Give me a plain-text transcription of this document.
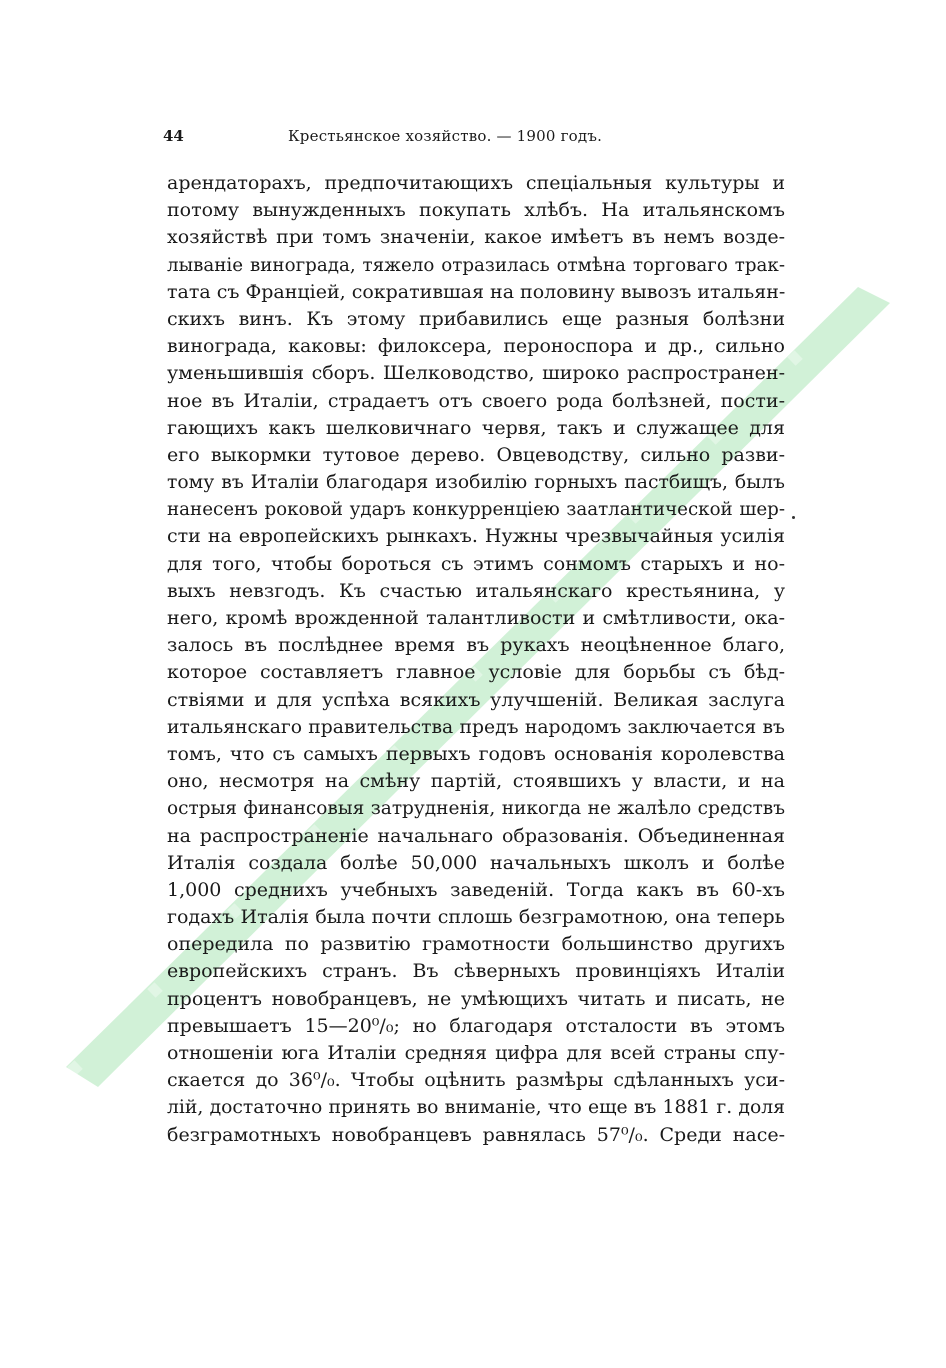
44	Крестьянское хозяйство. — 1900 годъ.
арендаторахъ, предпочитающихъ спеціальныя культуры и
потому вынужденныхъ покупать хлѣбъ. На итальянскомъ
хозяйствѣ при томъ значеніи, какое имѣетъ въ немъ возде-
лываніе винограда, тяжело отразилась отмѣна торговаго трак-
тата съ Франціей, сократившая на половину вывозъ итальян-
скихъ винъ. Къ этому прибавились еще разныя болѣзни
винограда, каковы: филоксера, пероноспора и др., сильно
уменьшившія сборъ. Шелководство, широко распространен-
ное въ Италіи, страдаетъ отъ своего рода болѣзней, пости-
гающихъ какъ шелковичнаго червя, такъ и служащее для
его выкормки тутовое дерево. Овцеводству, сильно разви-
тому въ Италіи благодаря изобилію горныхъ пастбищъ, былъ
нанесенъ роковой ударъ конкурренціею заатлантической шер-
сти на европейскихъ рынкахъ. Нужны чрезвычайныя усилія
для того, чтобы бороться съ этимъ сонмомъ старыхъ и но-
выхъ невзгодъ. Къ счастью итальянскаго крестьянина, у
него, кромѣ врожденной талантливости и смѣтливости, ока-
залось въ послѣднее время въ рукахъ неоцѣненное благо,
которое составляетъ главное условіе для борьбы съ бѣд-
ствіями и для успѣха всякихъ улучшеній. Великая заслуга
итальянскаго правительства предъ народомъ заключается въ
томъ, что съ самыхъ первыхъ годовъ основанія королевства
оно, несмотря на смѣну партій, стоявшихъ у власти, и на
острыя финансовыя затрудненія, никогда не жалѣло средствъ
на распространеніе начальнаго образованія. Объединенная
Италія создала болѣе 50,000 начальныхъ школъ и болѣе
1,000 среднихъ учебныхъ заведеній. Тогда какъ въ 60-хъ
годахъ Италія была почти сплошь безграмотною, она теперь
опередила по развитію грамотности большинство другихъ
европейскихъ странъ. Въ сѣверныхъ провинціяхъ Италіи
процентъ новобранцевъ, не умѣющихъ читать и писать, не
превышаетъ 15—20⁰/₀; но благодаря отсталости въ этомъ
отношеніи юга Италіи средняя цифра для всей страны спу-
скается до 36⁰/₀. Чтобы оцѣнить размѣры сдѣланныхъ уси-
лій, достаточно принять во вниманіе, что еще въ 1881 г. доля
безграмотныхъ новобранцевъ равнялась 57⁰/₀. Среди насе-
